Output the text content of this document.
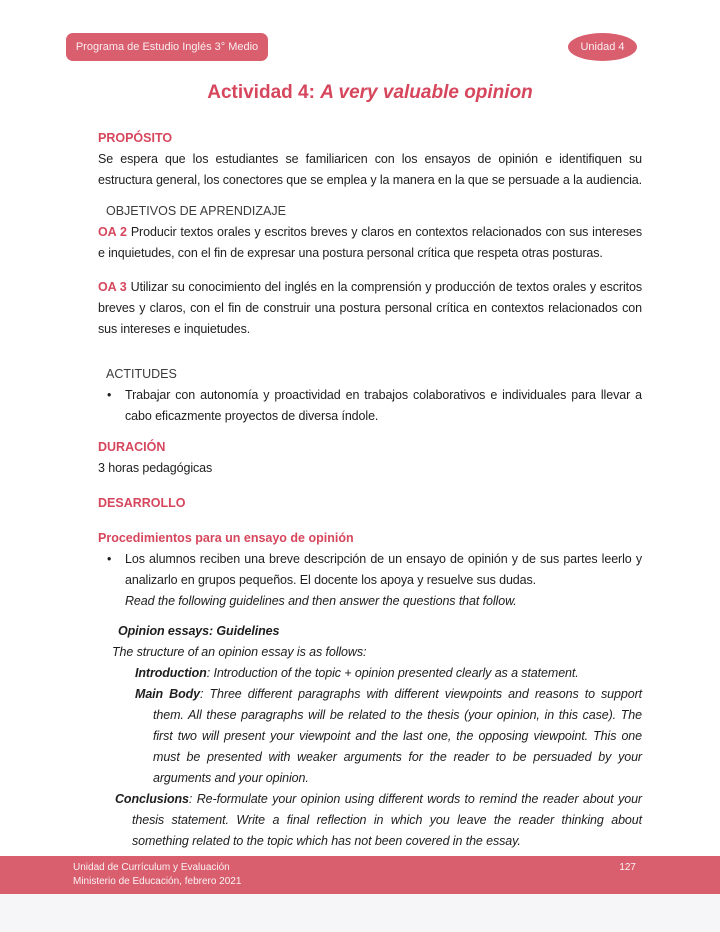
Programa de Estudio Inglés 3° Medio	Unidad 4
Actividad 4: A very valuable opinion
PROPÓSITO

Se espera que los estudiantes se familiaricen con los ensayos de opinión e identifiquen su estructura general, los conectores que se emplea y la manera en la que se persuade a la audiencia.

OBJETIVOS DE APRENDIZAJE

OA 2 Producir textos orales y escritos breves y claros en contextos relacionados con sus intereses e inquietudes, con el fin de expresar una postura personal crítica que respeta otras posturas.

OA 3 Utilizar su conocimiento del inglés en la comprensión y producción de textos orales y escritos breves y claros, con el fin de construir una postura personal crítica en contextos relacionados con sus intereses e inquietudes.

ACTITUDES
•	Trabajar con autonomía y proactividad en trabajos colaborativos e individuales para llevar a cabo eficazmente proyectos de diversa índole.
DURACIÓN

3 horas pedagógicas

DESARROLLO
Procedimientos para un ensayo de opinión
•	Los alumnos reciben una breve descripción de un ensayo de opinión y de sus partes leerlo y analizarlo en grupos pequeños. El docente los apoya y resuelve sus dudas.
Read the following guidelines and then answer the questions that follow.
Opinion essays: Guidelines
The structure of an opinion essay is as follows:
Introduction: Introduction of the topic + opinion presented clearly as a statement.
Main Body: Three different paragraphs with different viewpoints and reasons to support them. All these paragraphs will be related to the thesis (your opinion, in this case). The first two will present your viewpoint and the last one, the opposing viewpoint. This one must be presented with weaker arguments for the reader to be persuaded by your arguments and your opinion.
Conclusions: Re-formulate your opinion using different words to remind the reader about your thesis statement. Write a final reflection in which you leave the reader thinking about something related to the topic which has not been covered in the essay.
Unidad de Currículum y Evaluación
Ministerio de Educación, febrero 2021
127
